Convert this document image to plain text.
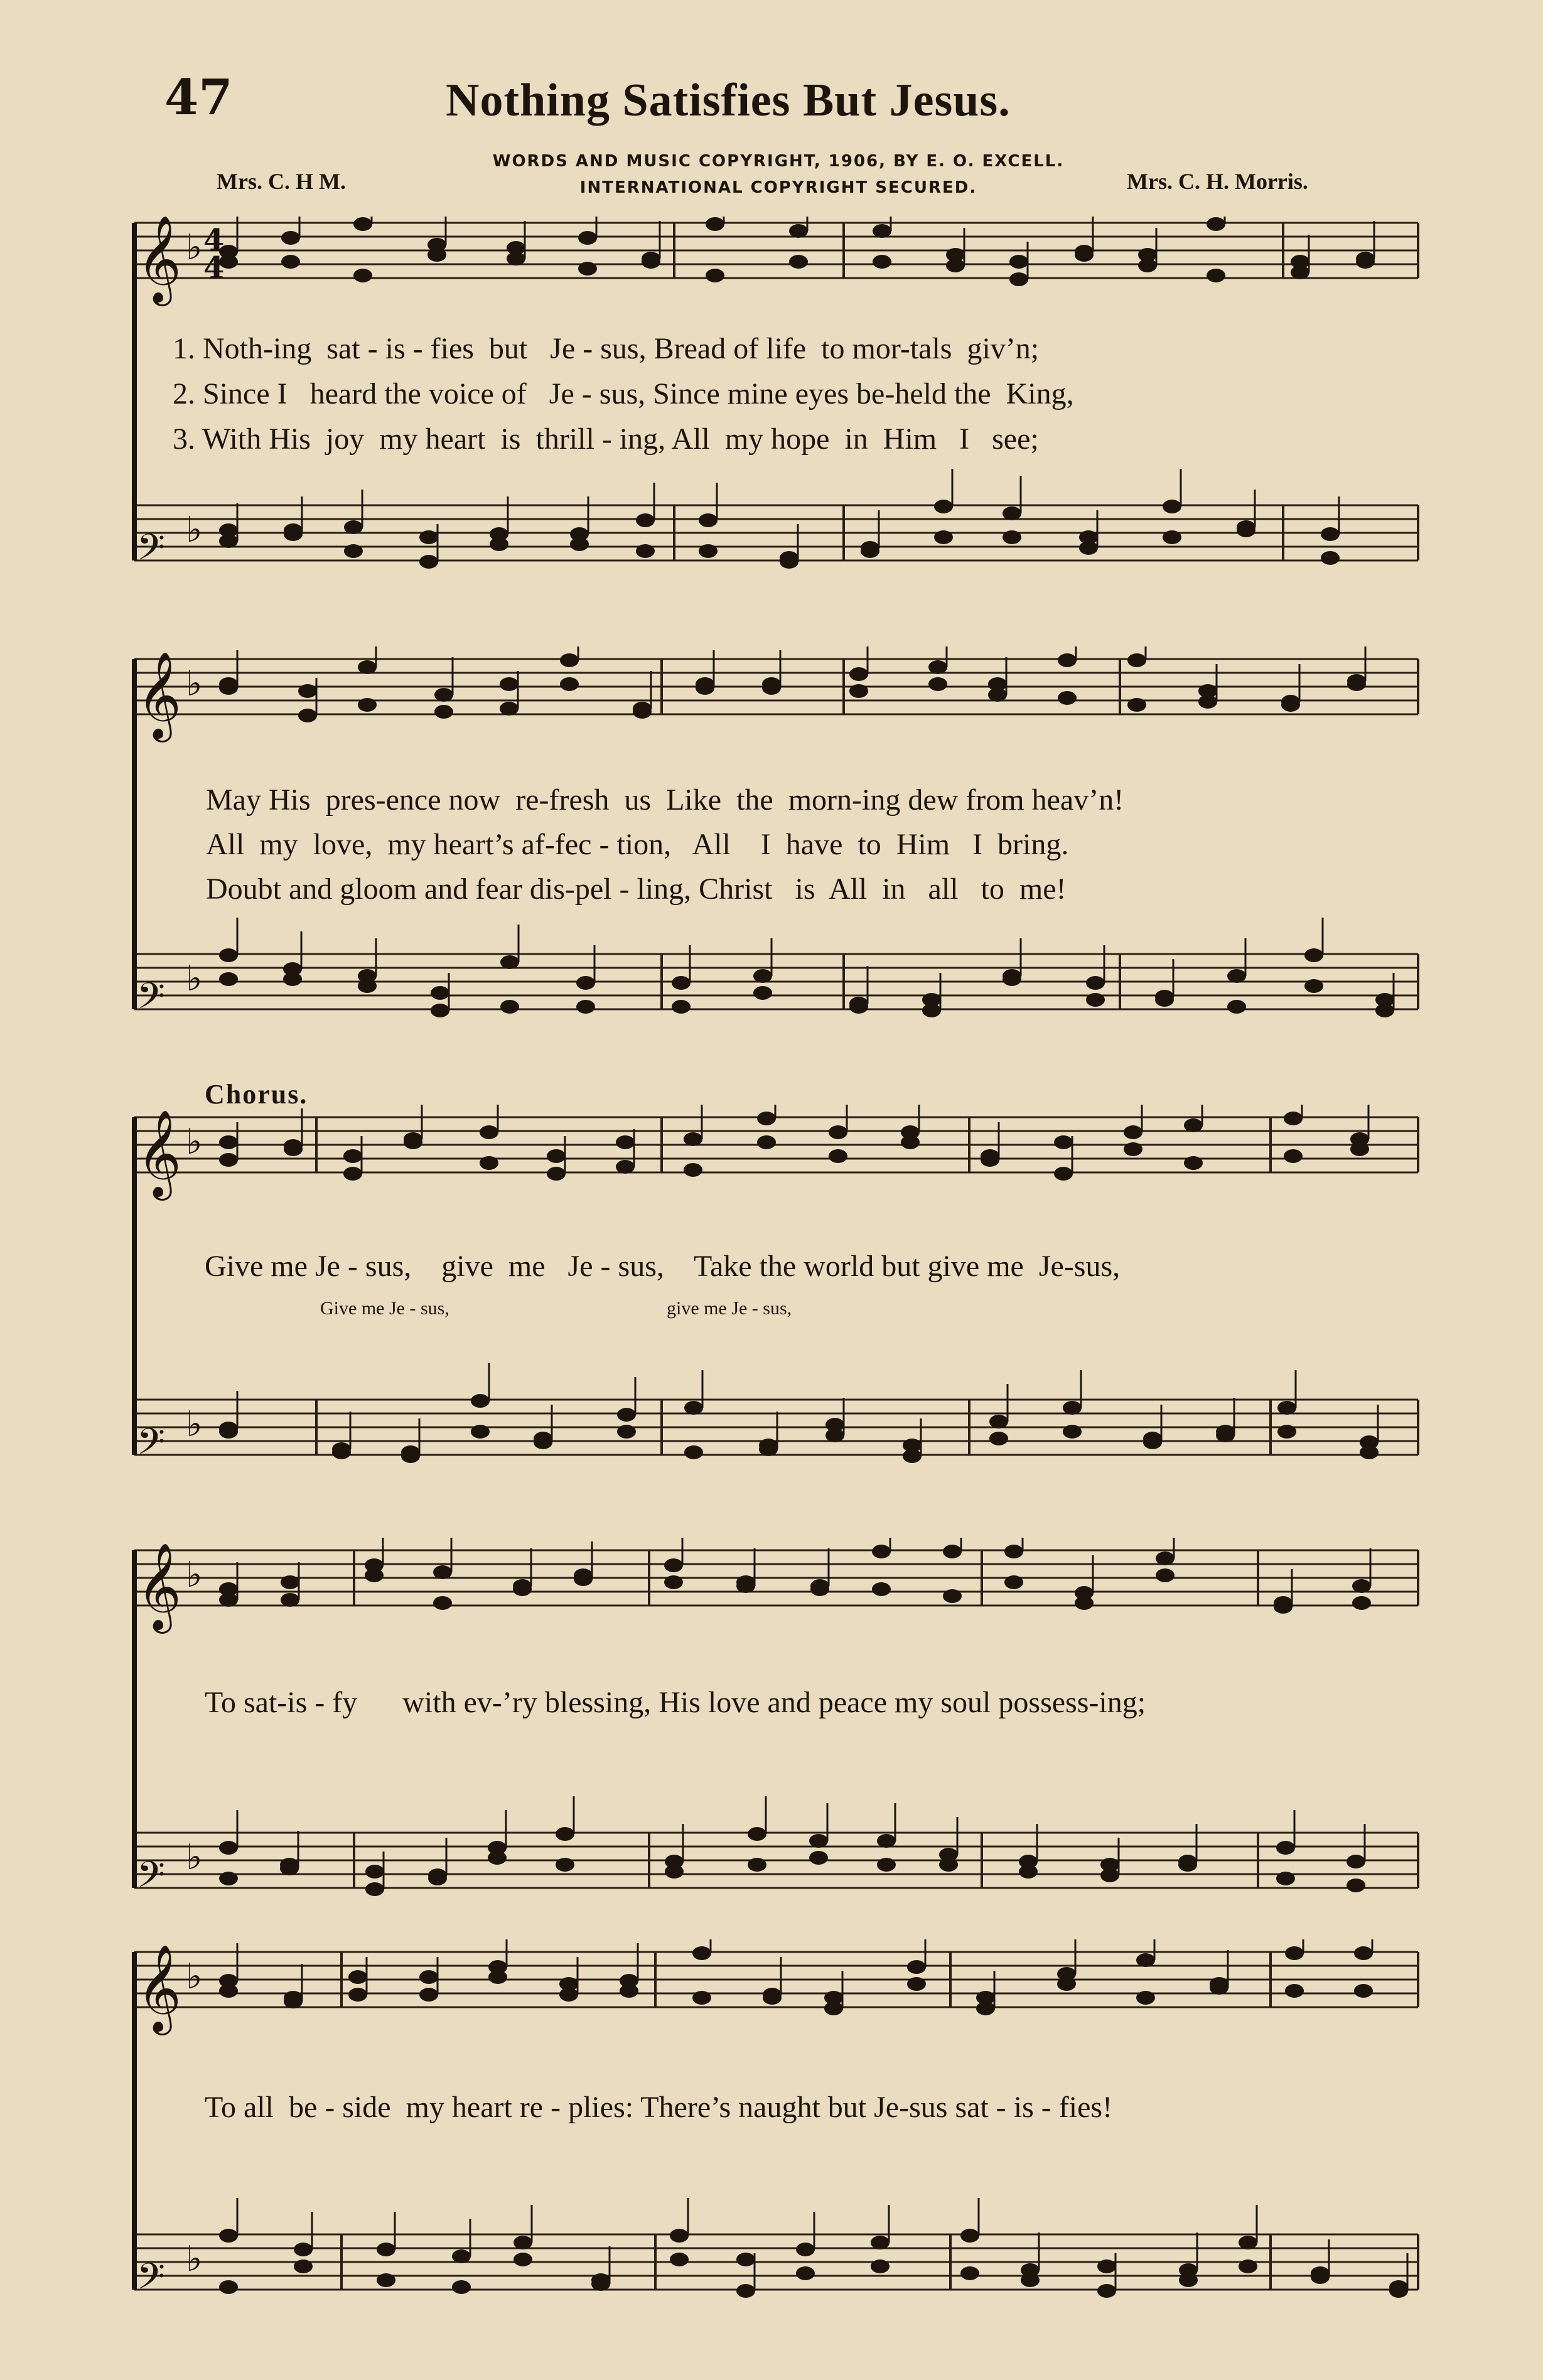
47	Nothing Satisfies But Jesus.
WORDS AND MUSIC COPYRIGHT, 1906, BY E. O. EXCELL.
INTERNATIONAL COPYRIGHT SECURED.
Mrs. C. H M.	Mrs. C. H. Morris.
𝄞 ♭
𝄢 ♭
4
4
𝄞 ♭
𝄢 ♭
𝄞 ♭
𝄢 ♭
𝄞 ♭
𝄢 ♭
𝄞 ♭
𝄢 ♭
1. Noth-ing  sat - is - fies  but   Je - sus, Bread of life  to mor-tals  giv’n;
2. Since I   heard the voice of   Je - sus, Since mine eyes be-held the  King,
3. With His  joy  my heart  is  thrill - ing, All  my hope  in  Him   I   see;
May His  pres-ence now  re-fresh  us  Like  the  morn-ing dew from heav’n!
All  my  love,  my heart’s af-fec - tion,   All    I  have  to  Him   I  bring.
Doubt and gloom and fear dis-pel - ling, Christ   is  All  in   all   to  me!
Chorus.
Give me Je - sus,    give  me   Je - sus,    Take the world but give me  Je-sus,
Give me Je - sus,	give me Je - sus,
To sat-is - fy      with ev-’ry blessing, His love and peace my soul possess-ing;
To all  be - side  my heart re - plies: There’s naught but Je-sus sat - is - fies!
